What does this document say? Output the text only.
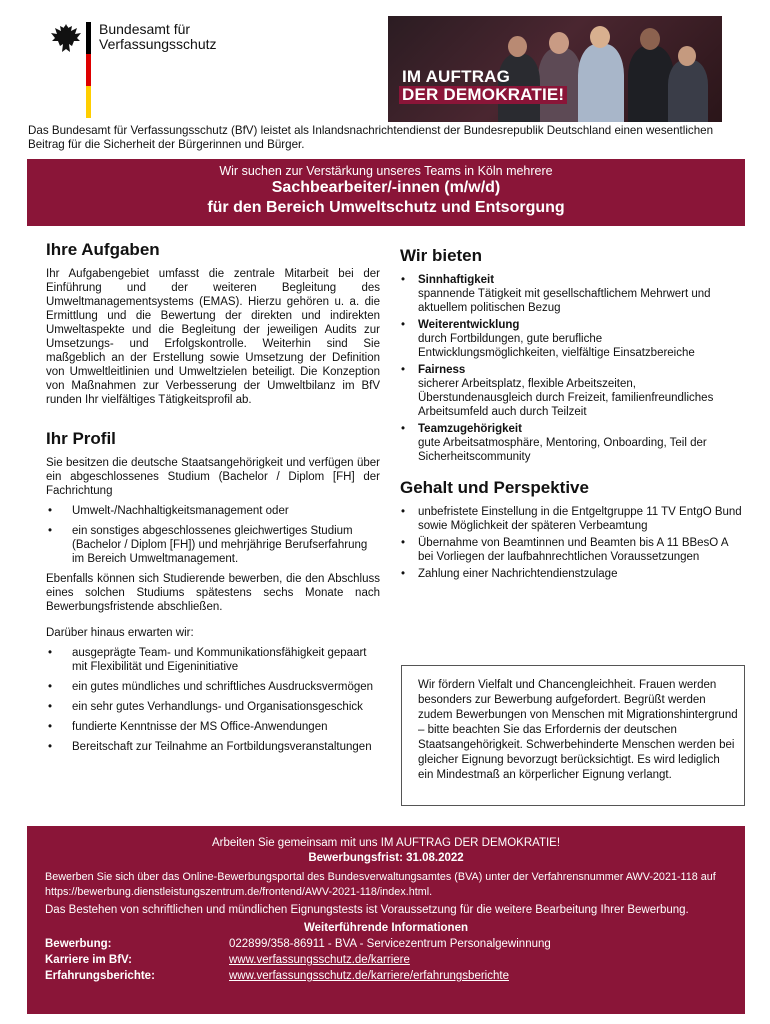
Bundesamt für
Verfassungsschutz
IM AUFTRAG
DER DEMOKRATIE!
Das Bundesamt für Verfassungsschutz (BfV) leistet als Inlandsnachrichtendienst der Bundesrepublik Deutschland einen wesentlichen Beitrag für die Sicherheit der Bürgerinnen und Bürger.
Wir suchen zur Verstärkung unseres Teams in Köln mehrere
Sachbearbeiter/-innen (m/w/d)
für den Bereich Umweltschutz und Entsorgung
Ihre Aufgaben

Ihr Aufgabengebiet umfasst die zentrale Mitarbeit bei der Einführung und der weiteren Begleitung des Umweltmanagementsystems (EMAS). Hierzu gehören u. a. die Ermittlung und die Bewertung der direkten und indirekten Umweltaspekte und die Begleitung der jeweiligen Audits zur Umsetzungs- und Erfolgskontrolle. Weiterhin sind Sie maßgeblich an der Erstellung sowie Umsetzung der Definition von Umweltleitlinien und Umweltzielen beteiligt. Die Konzeption von Maßnahmen zur Verbesserung der Umweltbilanz im BfV runden Ihr vielfältiges Tätigkeitsprofil ab.

Ihr Profil

Sie besitzen die deutsche Staatsangehörigkeit und verfügen über ein abgeschlossenes Studium (Bachelor / Diplom [FH] der Fachrichtung

• Umwelt-/Nachhaltigkeitsmanagement oder
• ein sonstiges abgeschlossenes gleichwertiges Studium (Bachelor / Diplom [FH]) und mehrjährige Berufserfahrung im Bereich Umweltmanagement.

Ebenfalls können sich Studierende bewerben, die den Abschluss eines solchen Studiums spätestens sechs Monate nach Bewerbungsfristende abschließen.

Darüber hinaus erwarten wir:

• ausgeprägte Team- und Kommunikationsfähigkeit gepaart mit Flexibilität und Eigeninitiative
• ein gutes mündliches und schriftliches Ausdrucksvermögen
• ein sehr gutes Verhandlungs- und Organisationsgeschick
• fundierte Kenntnisse der MS Office-Anwendungen
• Bereitschaft zur Teilnahme an Fortbildungsveranstaltungen
Wir bieten
• Sinnhaftigkeit
spannende Tätigkeit mit gesellschaftlichem Mehrwert und aktuellem politischen Bezug
• Weiterentwicklung
durch Fortbildungen, gute berufliche Entwicklungsmöglichkeiten, vielfältige Einsatzbereiche
• Fairness
sicherer Arbeitsplatz, flexible Arbeitszeiten, Überstundenausgleich durch Freizeit, familienfreundliches Arbeitsumfeld auch durch Teilzeit
• Teamzugehörigkeit
gute Arbeitsatmosphäre, Mentoring, Onboarding, Teil der Sicherheitscommunity
Gehalt und Perspektive
• unbefristete Einstellung in die Entgeltgruppe 11 TV EntgO Bund sowie Möglichkeit der späteren Verbeamtung
• Übernahme von Beamtinnen und Beamten bis A 11 BBesO A bei Vorliegen der laufbahnrechtlichen Voraussetzungen
• Zahlung einer Nachrichtendienstzulage
Wir fördern Vielfalt und Chancengleichheit. Frauen werden besonders zur Bewerbung aufgefordert. Begrüßt werden zudem Bewerbungen von Menschen mit Migrationshintergrund – bitte beachten Sie das Erfordernis der deutschen Staatsangehörigkeit. Schwerbehinderte Menschen werden bei gleicher Eignung bevorzugt berücksichtigt. Es wird lediglich ein Mindestmaß an körperlicher Eignung verlangt.
Arbeiten Sie gemeinsam mit uns IM AUFTRAG DER DEMOKRATIE!
Bewerbungsfrist: 31.08.2022
Bewerben Sie sich über das Online-Bewerbungsportal des Bundesverwaltungsamtes (BVA) unter der Verfahrensnummer AWV-2021-118 auf https://bewerbung.dienstleistungszentrum.de/frontend/AWV-2021-118/index.html.
Das Bestehen von schriftlichen und mündlichen Eignungstests ist Voraussetzung für die weitere Bearbeitung Ihrer Bewerbung.
Weiterführende Informationen
Bewerbung:	022899/358-86911 - BVA - Servicezentrum Personalgewinnung
Karriere im BfV:	www.verfassungsschutz.de/karriere
Erfahrungsberichte:	www.verfassungsschutz.de/karriere/erfahrungsberichte
